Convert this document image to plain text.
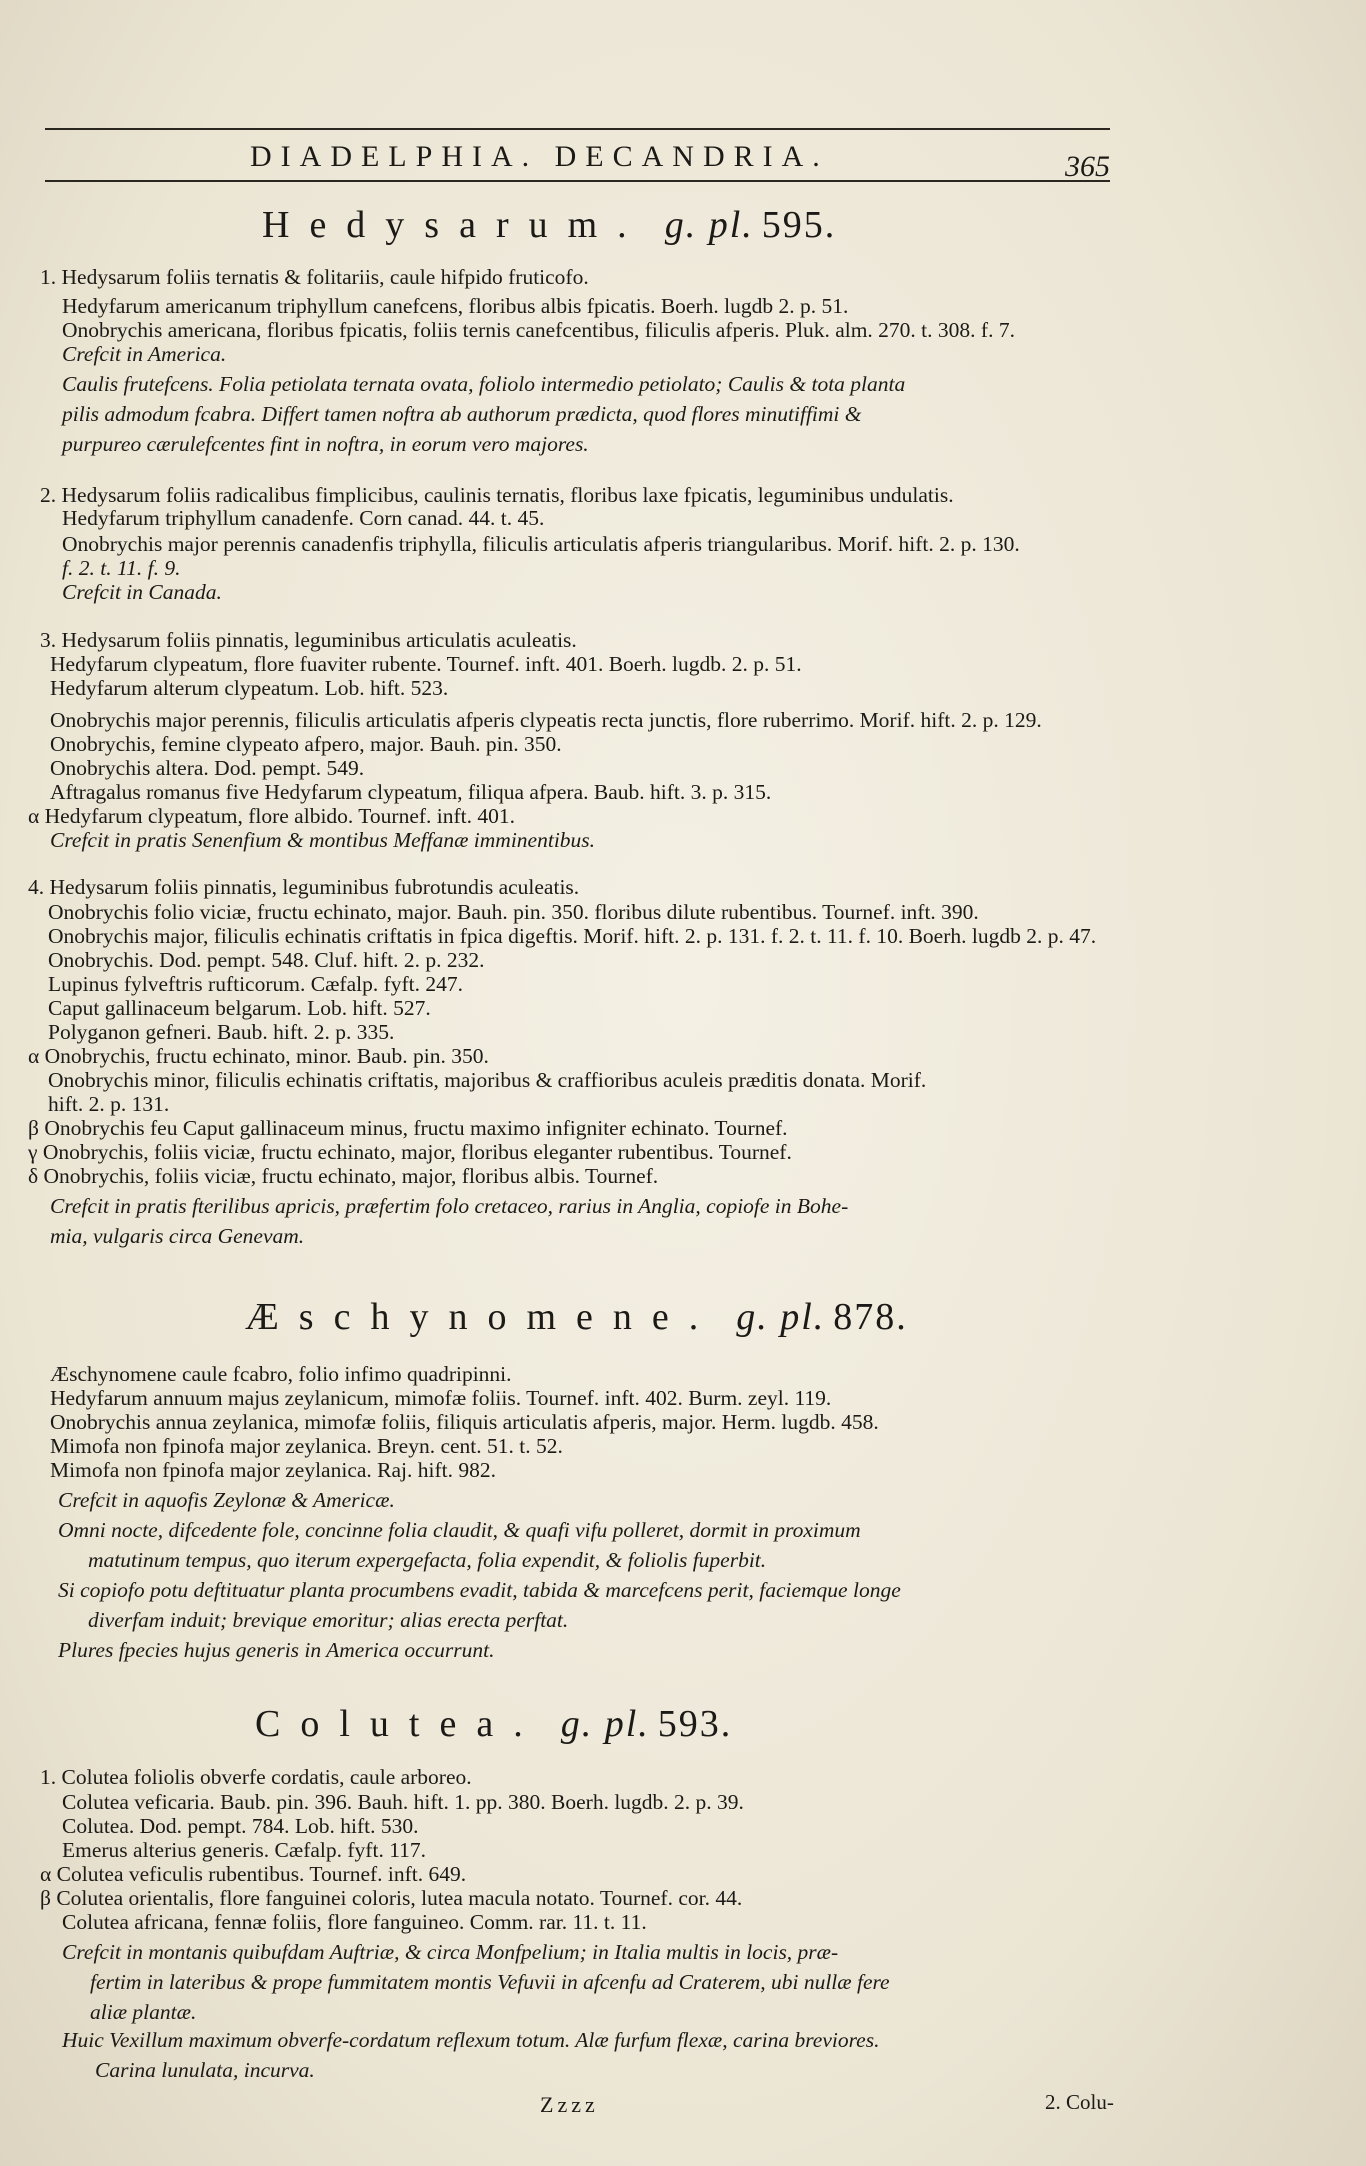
DIADELPHIA. DECANDRIA.	365
Hedysarum. g. pl. 595.
1. Hedysarum foliis ternatis & folitariis, caule hifpido fruticofo.
Hedyfarum americanum triphyllum canefcens, floribus albis fpicatis. Boerh. lugdb 2. p. 51.
Onobrychis americana, floribus fpicatis, foliis ternis canefcentibus, filiculis afperis. Pluk. alm. 270. t. 308. f. 7.
Crefcit in America.
Caulis frutefcens. Folia petiolata ternata ovata, foliolo intermedio petiolato; Caulis & tota planta
pilis admodum fcabra. Differt tamen noftra ab authorum prædicta, quod flores minutiffimi &
purpureo cærulefcentes fint in noftra, in eorum vero majores.
2. Hedysarum foliis radicalibus fimplicibus, caulinis ternatis, floribus laxe fpicatis, leguminibus undulatis.
Hedyfarum triphyllum canadenfe. Corn canad. 44. t. 45.
Onobrychis major perennis canadenfis triphylla, filiculis articulatis afperis triangularibus. Morif. hift. 2. p. 130.
f. 2. t. 11. f. 9.
Crefcit in Canada.
3. Hedysarum foliis pinnatis, leguminibus articulatis aculeatis.
Hedyfarum clypeatum, flore fuaviter rubente. Tournef. inft. 401. Boerh. lugdb. 2. p. 51.
Hedyfarum alterum clypeatum. Lob. hift. 523.
Onobrychis major perennis, filiculis articulatis afperis clypeatis recta junctis, flore ruberrimo. Morif. hift. 2. p. 129.
Onobrychis, femine clypeato afpero, major. Bauh. pin. 350.
Onobrychis altera. Dod. pempt. 549.
Aftragalus romanus five Hedyfarum clypeatum, filiqua afpera. Baub. hift. 3. p. 315.
α Hedyfarum clypeatum, flore albido. Tournef. inft. 401.
Crefcit in pratis Senenfium & montibus Meffanæ imminentibus.
4. Hedysarum foliis pinnatis, leguminibus fubrotundis aculeatis.
Onobrychis folio viciæ, fructu echinato, major. Bauh. pin. 350. floribus dilute rubentibus. Tournef. inft. 390.
Onobrychis major, filiculis echinatis criftatis in fpica digeftis. Morif. hift. 2. p. 131. f. 2. t. 11. f. 10. Boerh. lugdb 2. p. 47.
Onobrychis. Dod. pempt. 548. Cluf. hift. 2. p. 232.
Lupinus fylveftris rufticorum. Cæfalp. fyft. 247.
Caput gallinaceum belgarum. Lob. hift. 527.
Polyganon gefneri. Baub. hift. 2. p. 335.
α Onobrychis, fructu echinato, minor. Baub. pin. 350.
Onobrychis minor, filiculis echinatis criftatis, majoribus & craffioribus aculeis præditis donata. Morif.
hift. 2. p. 131.
β Onobrychis feu Caput gallinaceum minus, fructu maximo infigniter echinato. Tournef.
γ Onobrychis, foliis viciæ, fructu echinato, major, floribus eleganter rubentibus. Tournef.
δ Onobrychis, foliis viciæ, fructu echinato, major, floribus albis. Tournef.
Crefcit in pratis fterilibus apricis, præfertim folo cretaceo, rarius in Anglia, copiofe in Bohe-
mia, vulgaris circa Genevam.
Æschynomene. g. pl. 878.
Æschynomene caule fcabro, folio infimo quadripinni.
Hedyfarum annuum majus zeylanicum, mimofæ foliis. Tournef. inft. 402. Burm. zeyl. 119.
Onobrychis annua zeylanica, mimofæ foliis, filiquis articulatis afperis, major. Herm. lugdb. 458.
Mimofa non fpinofa major zeylanica. Breyn. cent. 51. t. 52.
Mimofa non fpinofa major zeylanica. Raj. hift. 982.
Crefcit in aquofis Zeylonæ & Americæ.
Omni nocte, difcedente fole, concinne folia claudit, & quafi vifu polleret, dormit in proximum
matutinum tempus, quo iterum expergefacta, folia expendit, & foliolis fuperbit.
Si copiofo potu deftituatur planta procumbens evadit, tabida & marcefcens perit, faciemque longe
diverfam induit; brevique emoritur; alias erecta perftat.
Plures fpecies hujus generis in America occurrunt.
Colutea. g. pl. 593.
1. Colutea foliolis obverfe cordatis, caule arboreo.
Colutea veficaria. Baub. pin. 396. Bauh. hift. 1. pp. 380. Boerh. lugdb. 2. p. 39.
Colutea. Dod. pempt. 784. Lob. hift. 530.
Emerus alterius generis. Cæfalp. fyft. 117.
α Colutea veficulis rubentibus. Tournef. inft. 649.
β Colutea orientalis, flore fanguinei coloris, lutea macula notato. Tournef. cor. 44.
Colutea africana, fennæ foliis, flore fanguineo. Comm. rar. 11. t. 11.
Crefcit in montanis quibufdam Auftriæ, & circa Monfpelium; in Italia multis in locis, præ-
fertim in lateribus & prope fummitatem montis Vefuvii in afcenfu ad Craterem, ubi nullæ fere
aliæ plantæ.
Huic Vexillum maximum obverfe-cordatum reflexum totum. Alæ furfum flexæ, carina breviores.
Carina lunulata, incurva.
Zzzz	2. Colu-
